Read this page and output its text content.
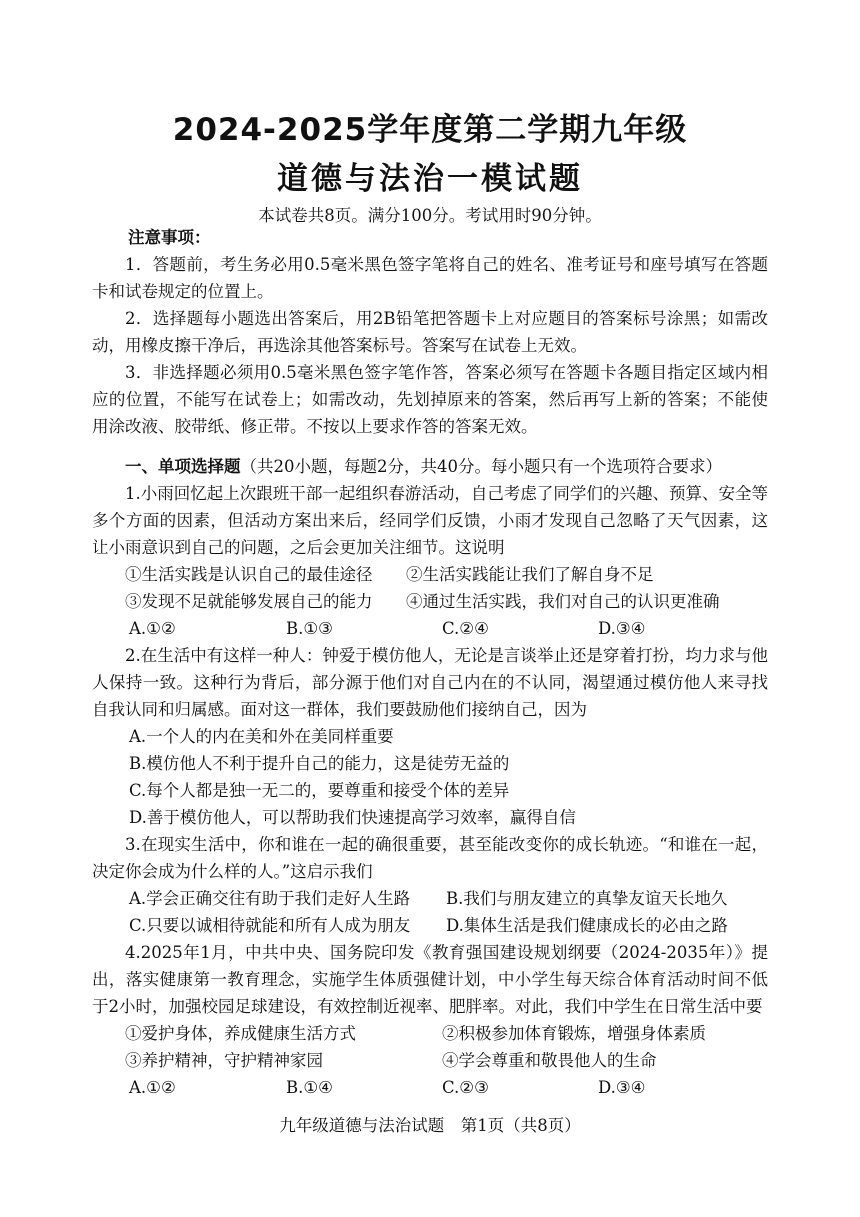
2024-2025学年度第二学期九年级
道德与法治一模试题
本试卷共8页。满分100分。考试用时90分钟。

注意事项：

1．答题前，考生务必用0.5毫米黑色签字笔将自己的姓名、准考证号和座号填写在答题卡和试卷规定的位置上。

2．选择题每小题选出答案后，用2B铅笔把答题卡上对应题目的答案标号涂黑；如需改动，用橡皮擦干净后，再选涂其他答案标号。答案写在试卷上无效。

3．非选择题必须用0.5毫米黑色签字笔作答，答案必须写在答题卡各题目指定区域内相应的位置，不能写在试卷上；如需改动，先划掉原来的答案，然后再写上新的答案；不能使用涂改液、胶带纸、修正带。不按以上要求作答的答案无效。

一、单项选择题（共20小题，每题2分，共40分。每小题只有一个选项符合要求）

1.小雨回忆起上次跟班干部一起组织春游活动，自己考虑了同学们的兴趣、预算、安全等多个方面的因素，但活动方案出来后，经同学们反馈，小雨才发现自己忽略了天气因素，这让小雨意识到自己的问题，之后会更加关注细节。这说明

①生活实践是认识自己的最佳途径 ②生活实践能让我们了解自身不足
③发现不足就能够发展自己的能力 ④通过生活实践，我们对自己的认识更准确
A.①②	B.①③	C.②④	D.③④

2.在生活中有这样一种人：钟爱于模仿他人，无论是言谈举止还是穿着打扮，均力求与他人保持一致。这种行为背后，部分源于他们对自己内在的不认同，渴望通过模仿他人来寻找自我认同和归属感。面对这一群体，我们要鼓励他们接纳自己，因为

A.一个人的内在美和外在美同样重要
B.模仿他人不利于提升自己的能力，这是徒劳无益的
C.每个人都是独一无二的，要尊重和接受个体的差异
D.善于模仿他人，可以帮助我们快速提高学习效率，赢得自信

3.在现实生活中，你和谁在一起的确很重要，甚至能改变你的成长轨迹。“和谁在一起，决定你会成为什么样的人。”这启示我们

A.学会正确交往有助于我们走好人生路 B.我们与朋友建立的真挚友谊天长地久
C.只要以诚相待就能和所有人成为朋友 D.集体生活是我们健康成长的必由之路

4.2025年1月，中共中央、国务院印发《教育强国建设规划纲要（2024-2035年）》提出，落实健康第一教育理念，实施学生体质强健计划，中小学生每天综合体育活动时间不低于2小时，加强校园足球建设，有效控制近视率、肥胖率。对此，我们中学生在日常生活中要

①爱护身体，养成健康生活方式	②积极参加体育锻炼，增强身体素质
③养护精神，守护精神家园	④学会尊重和敬畏他人的生命
A.①②	B.①④	C.②③	D.③④
九年级道德与法治试题　第1页（共8页）
